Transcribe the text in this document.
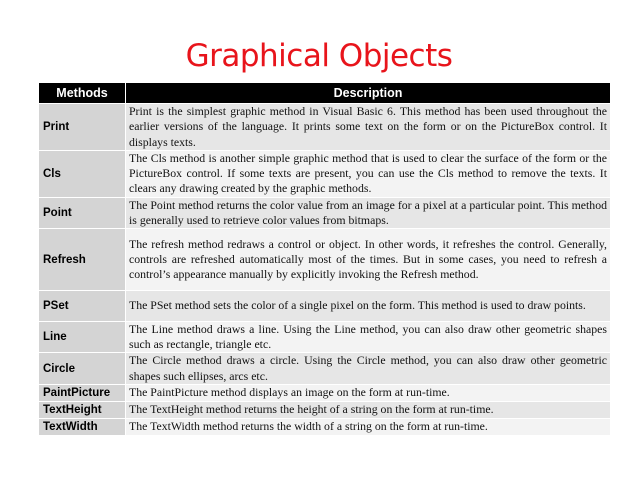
Graphical Objects
Methods	Description
Print	Print is the simplest graphic method in Visual Basic 6. This method has been used throughout the earlier versions of the language. It prints some text on the form or on the PictureBox control. It displays texts.
Cls	The Cls method is another simple graphic method that is used to clear the surface of the form or the PictureBox control. If some texts are present, you can use the Cls method to remove the texts. It clears any drawing created by the graphic methods.
Point	The Point method returns the color value from an image for a pixel at a particular point. This method is generally used to retrieve color values from bitmaps.
Refresh	The refresh method redraws a control or object. In other words, it refreshes the control. Generally, controls are refreshed automatically most of the times. But in some cases, you need to refresh a control’s appearance manually by explicitly invoking the Refresh method.
PSet	The PSet method sets the color of a single pixel on the form. This method is used to draw points.
Line	The Line method draws a line. Using the Line method, you can also draw other geometric shapes such as rectangle, triangle etc.
Circle	The Circle method draws a circle. Using the Circle method, you can also draw other geometric shapes such ellipses, arcs etc.
PaintPicture	The PaintPicture method displays an image on the form at run-time.
TextHeight	The TextHeight method returns the height of a string on the form at run-time.
TextWidth	The TextWidth method returns the width of a string on the form at run-time.
